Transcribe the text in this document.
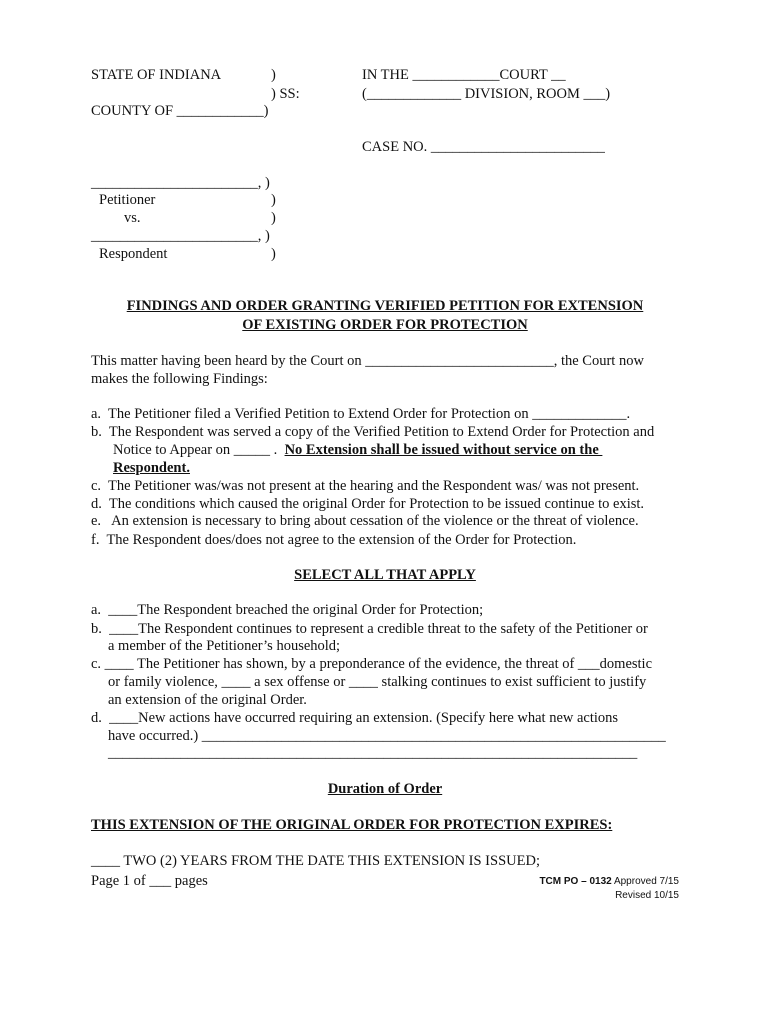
STATE OF INDIANA	)
) SS:
COUNTY OF ____________)
IN THE ____________COURT __
(_____________ DIVISION, ROOM ___)
CASE NO. ________________________
_______________________, )
Petitioner	)
vs.	)
_______________________, )
Respondent	)
FINDINGS AND ORDER GRANTING VERIFIED PETITION FOR EXTENSION
OF EXISTING ORDER FOR PROTECTION
This matter having been heard by the Court on __________________________, the Court now
makes the following Findings:
a.  The Petitioner filed a Verified Petition to Extend Order for Protection on _____________.
b.  The Respondent was served a copy of the Verified Petition to Extend Order for Protection and
Notice to Appear on _____ .  No Extension shall be issued without service on the
Respondent.
c.  The Petitioner was/was not present at the hearing and the Respondent was/ was not present.
d.  The conditions which caused the original Order for Protection to be issued continue to exist.
e.   An extension is necessary to bring about cessation of the violence or the threat of violence.
f.  The Respondent does/does not agree to the extension of the Order for Protection.
SELECT ALL THAT APPLY
a.  ____The Respondent breached the original Order for Protection;
b.  ____The Respondent continues to represent a credible threat to the safety of the Petitioner or
a member of the Petitioner’s household;
c. ____ The Petitioner has shown, by a preponderance of the evidence, the threat of ___domestic
or family violence, ____ a sex offense or ____ stalking continues to exist sufficient to justify
an extension of the original Order.
d.  ____New actions have occurred requiring an extension. (Specify here what new actions
have occurred.) ________________________________________________________________
_________________________________________________________________________
Duration of Order
THIS EXTENSION OF THE ORIGINAL ORDER FOR PROTECTION EXPIRES:
____ TWO (2) YEARS FROM THE DATE THIS EXTENSION IS ISSUED;
Page 1 of ___ pages	TCM PO – 0132 Approved 7/15
Revised 10/15
